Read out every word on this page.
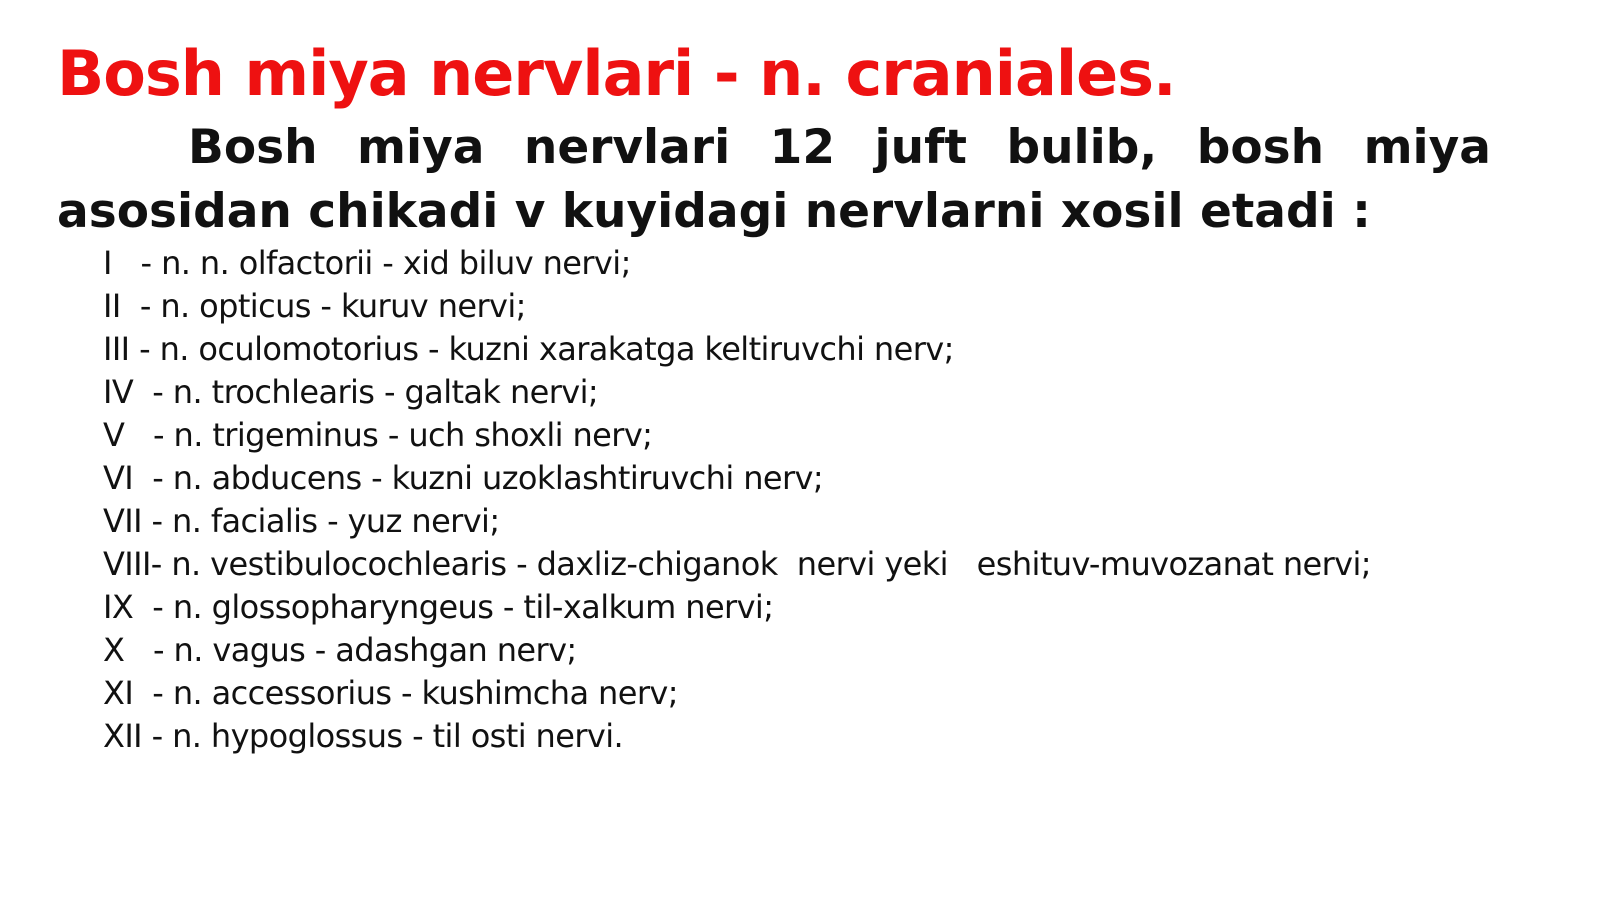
Bosh miya nervlari - n. craniales.
Bosh miya nervlari 12 juft bulib, bosh miya
asosidan chikadi v kuyidagi nervlarni xosil etadi :
I   - n. n. olfactorii - xid biluv nervi;
II  - n. opticus - kuruv nervi;
III - n. oculomotorius - kuzni xarakatga keltiruvchi nerv;
IV  - n. trochlearis - galtak nervi;
V   - n. trigeminus - uch shoxli nerv;
VI  - n. abducens - kuzni uzoklashtiruvchi nerv;
VII - n. facialis - yuz nervi;
VIII- n. vestibulocochlearis - daxliz-chiganok  nervi yeki   eshituv-muvozanat nervi;
IX  - n. glossopharyngeus - til-xalkum nervi;
X   - n. vagus - adashgan nerv;
XI  - n. accessorius - kushimcha nerv;
XII - n. hypoglossus - til osti nervi.
